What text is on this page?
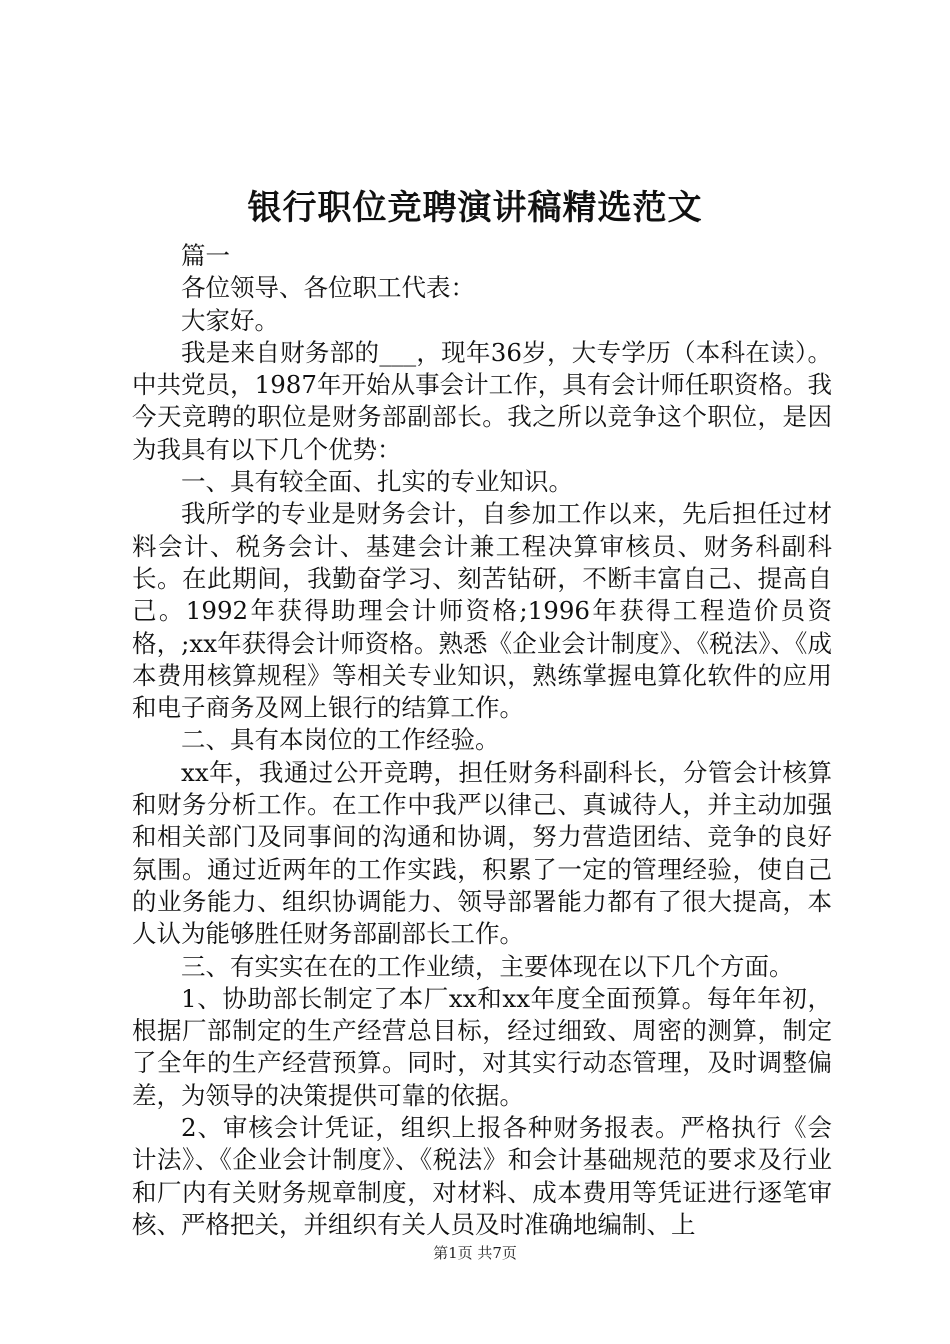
银行职位竞聘演讲稿精选范文

篇一

各位领导、各位职工代表：

大家好。

我是来自财务部的___，现年36岁，大专学历（本科在读）。中共党员，1987年开始从事会计工作，具有会计师任职资格。我今天竞聘的职位是财务部副部长。我之所以竞争这个职位，是因为我具有以下几个优势：

一、具有较全面、扎实的专业知识。

我所学的专业是财务会计，自参加工作以来，先后担任过材料会计、税务会计、基建会计兼工程决算审核员、财务科副科长。在此期间，我勤奋学习、刻苦钻研，不断丰富自己、提高自己。1992年获得助理会计师资格;1996年获得工程造价员资格，;xx年获得会计师资格。熟悉《企业会计制度》、《税法》、《成本费用核算规程》等相关专业知识，熟练掌握电算化软件的应用和电子商务及网上银行的结算工作。

二、具有本岗位的工作经验。

xx年，我通过公开竞聘，担任财务科副科长，分管会计核算和财务分析工作。在工作中我严以律己、真诚待人，并主动加强和相关部门及同事间的沟通和协调，努力营造团结、竞争的良好氛围。通过近两年的工作实践，积累了一定的管理经验，使自己的业务能力、组织协调能力、领导部署能力都有了很大提高，本人认为能够胜任财务部副部长工作。

三、有实实在在的工作业绩，主要体现在以下几个方面。

1、协助部长制定了本厂xx和xx年度全面预算。每年年初，根据厂部制定的生产经营总目标，经过细致、周密的测算，制定了全年的生产经营预算。同时，对其实行动态管理，及时调整偏差，为领导的决策提供可靠的依据。

2、审核会计凭证，组织上报各种财务报表。严格执行《会计法》、《企业会计制度》、《税法》和会计基础规范的要求及行业和厂内有关财务规章制度，对材料、成本费用等凭证进行逐笔审核、严格把关，并组织有关人员及时准确地编制、上

第1页 共7页
